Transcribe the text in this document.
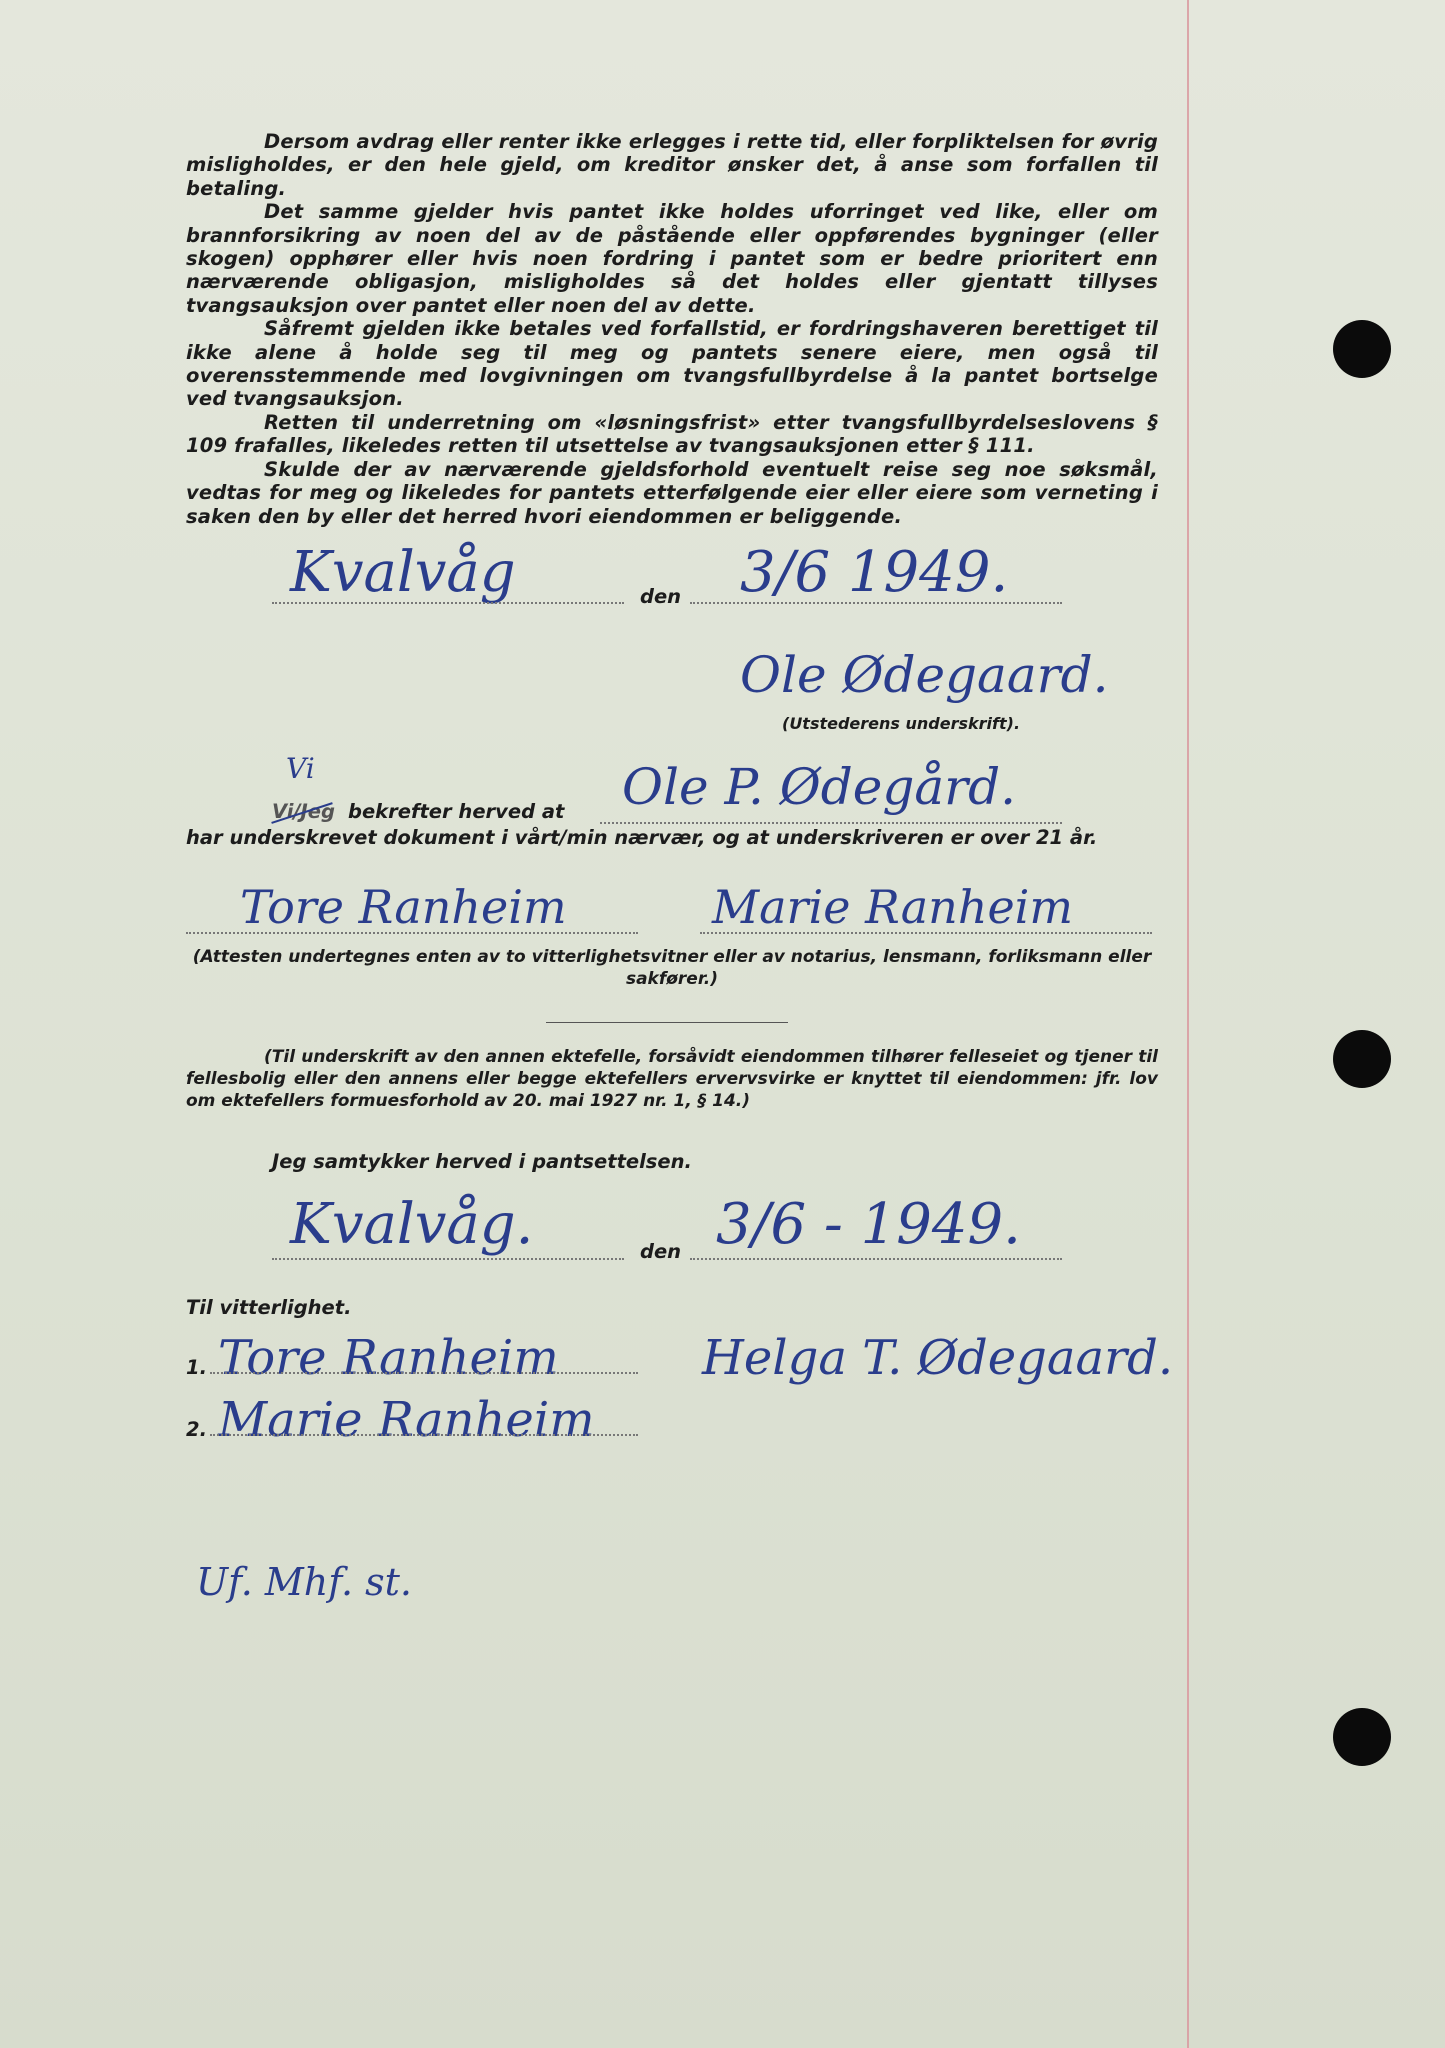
Dersom avdrag eller renter ikke erlegges i rette tid, eller forpliktelsen for øvrig misligholdes, er den hele gjeld, om kreditor ønsker det, å anse som forfallen til betaling.

Det samme gjelder hvis pantet ikke holdes uforringet ved like, eller om brannforsikring av noen del av de påstående eller oppførendes bygninger (eller skogen) opphører eller hvis noen fordring i pantet som er bedre prioritert enn nærværende obligasjon, misligholdes så det holdes eller gjentatt tillyses tvangsauksjon over pantet eller noen del av dette.

Såfremt gjelden ikke betales ved forfallstid, er fordringshaveren berettiget til ikke alene å holde seg til meg og pantets senere eiere, men også til overensstemmende med lovgivningen om tvangsfullbyrdelse å la pantet bortselge ved tvangsauksjon.

Retten til underretning om «løsningsfrist» etter tvangsfullbyrdelseslovens § 109 frafalles, likeledes retten til utsettelse av tvangsauksjonen etter § 111.

Skulde der av nærværende gjeldsforhold eventuelt reise seg noe søksmål, vedtas for meg og likeledes for pantets etterfølgende eier eller eiere som verneting i saken den by eller det herred hvori eiendommen er beliggende.

Kvalvåg	den 3/6 1949.
Ole Ødegaard.
(Utstederens underskrift).
Vi
Vi/Jeg bekrefter herved at Ole P. Ødegård.
har underskrevet dokument i vårt/min nærvær, og at underskriveren er over 21 år.
Tore Ranheim	Marie Ranheim

(Attesten undertegnes enten av to vitterlighetsvitner eller av notarius, lensmann, forliksmann eller sakfører.)

(Til underskrift av den annen ektefelle, forsåvidt eiendommen tilhører felleseiet og tjener til fellesbolig eller den annens eller begge ektefellers ervervsvirke er knyttet til eiendommen: jfr. lov om ektefellers formuesforhold av 20. mai 1927 nr. 1, § 14.)

Jeg samtykker herved i pantsettelsen.
Kvalvåg.	den 3/6 - 1949.
Til vitterlighet.
1. Tore Ranheim	Helga T. Ødegaard.
2. Marie Ranheim
Uf. Mhf. st.
